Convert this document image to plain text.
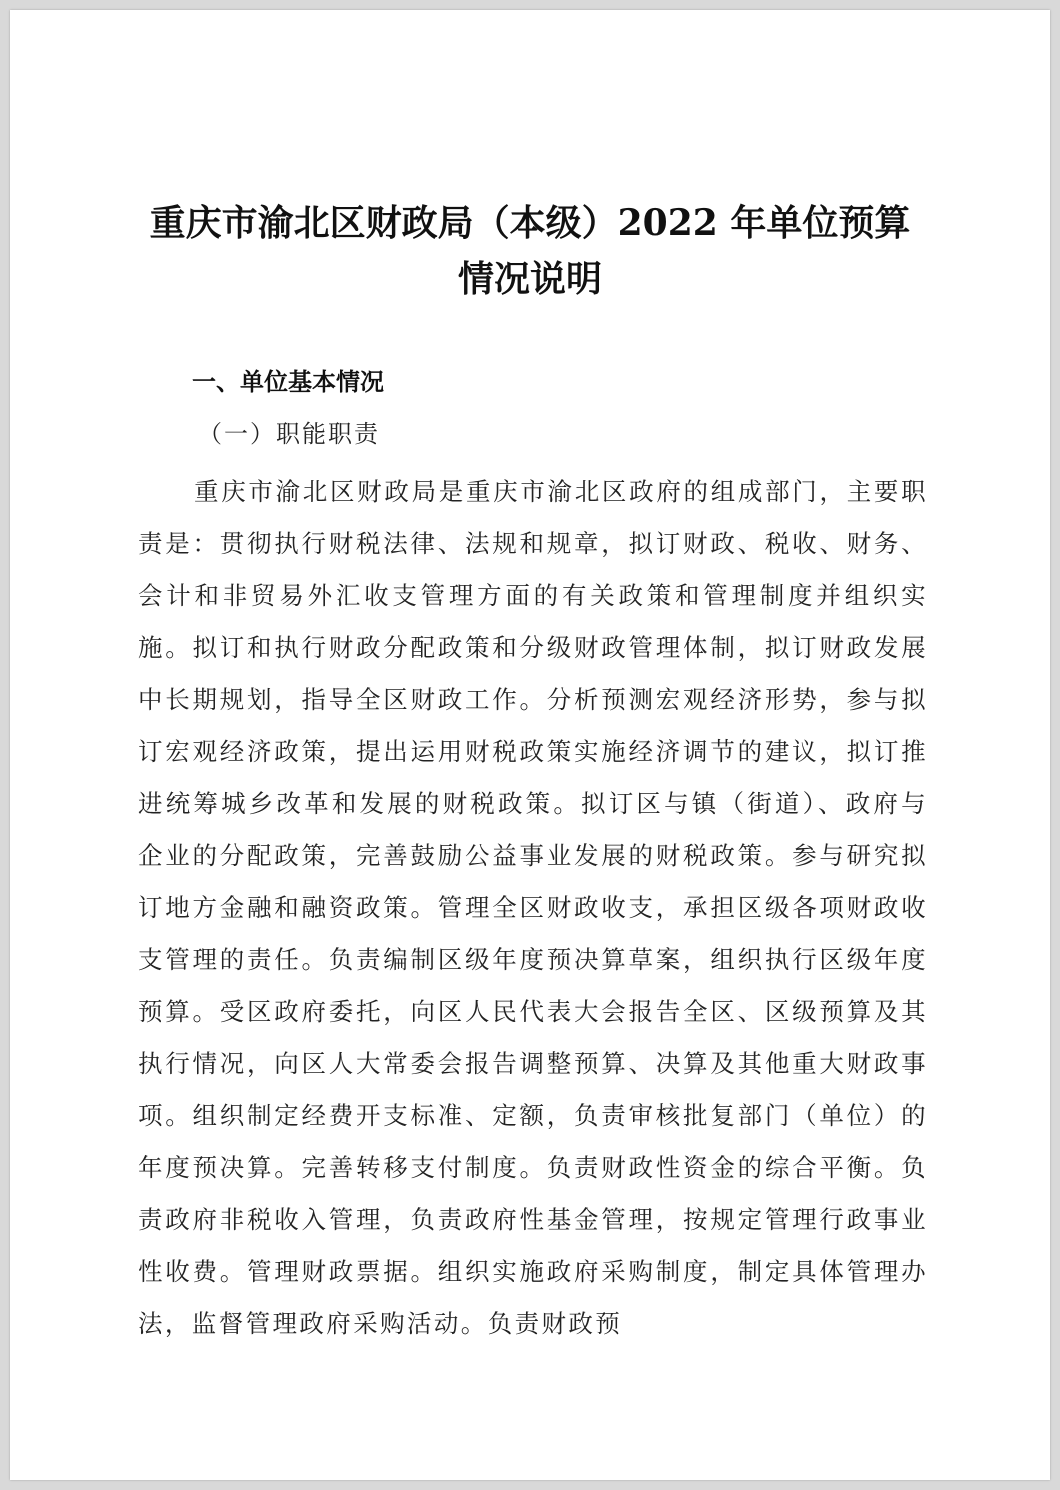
重庆市渝北区财政局（本级）2022 年单位预算
情况说明
一、单位基本情况
（一）职能职责

重庆市渝北区财政局是重庆市渝北区政府的组成部门，主要职责是：贯彻执行财税法律、法规和规章，拟订财政、税收、财务、会计和非贸易外汇收支管理方面的有关政策和管理制度并组织实施。拟订和执行财政分配政策和分级财政管理体制，拟订财政发展中长期规划，指导全区财政工作。分析预测宏观经济形势，参与拟订宏观经济政策，提出运用财税政策实施经济调节的建议，拟订推进统筹城乡改革和发展的财税政策。拟订区与镇（街道）、政府与企业的分配政策，完善鼓励公益事业发展的财税政策。参与研究拟订地方金融和融资政策。管理全区财政收支，承担区级各项财政收支管理的责任。负责编制区级年度预决算草案，组织执行区级年度预算。受区政府委托，向区人民代表大会报告全区、区级预算及其执行情况，向区人大常委会报告调整预算、决算及其他重大财政事项。组织制定经费开支标准、定额，负责审核批复部门（单位）的年度预决算。完善转移支付制度。负责财政性资金的综合平衡。负责政府非税收入管理，负责政府性基金管理，按规定管理行政事业性收费。管理财政票据。组织实施政府采购制度，制定具体管理办法，监督管理政府采购活动。负责财政预
